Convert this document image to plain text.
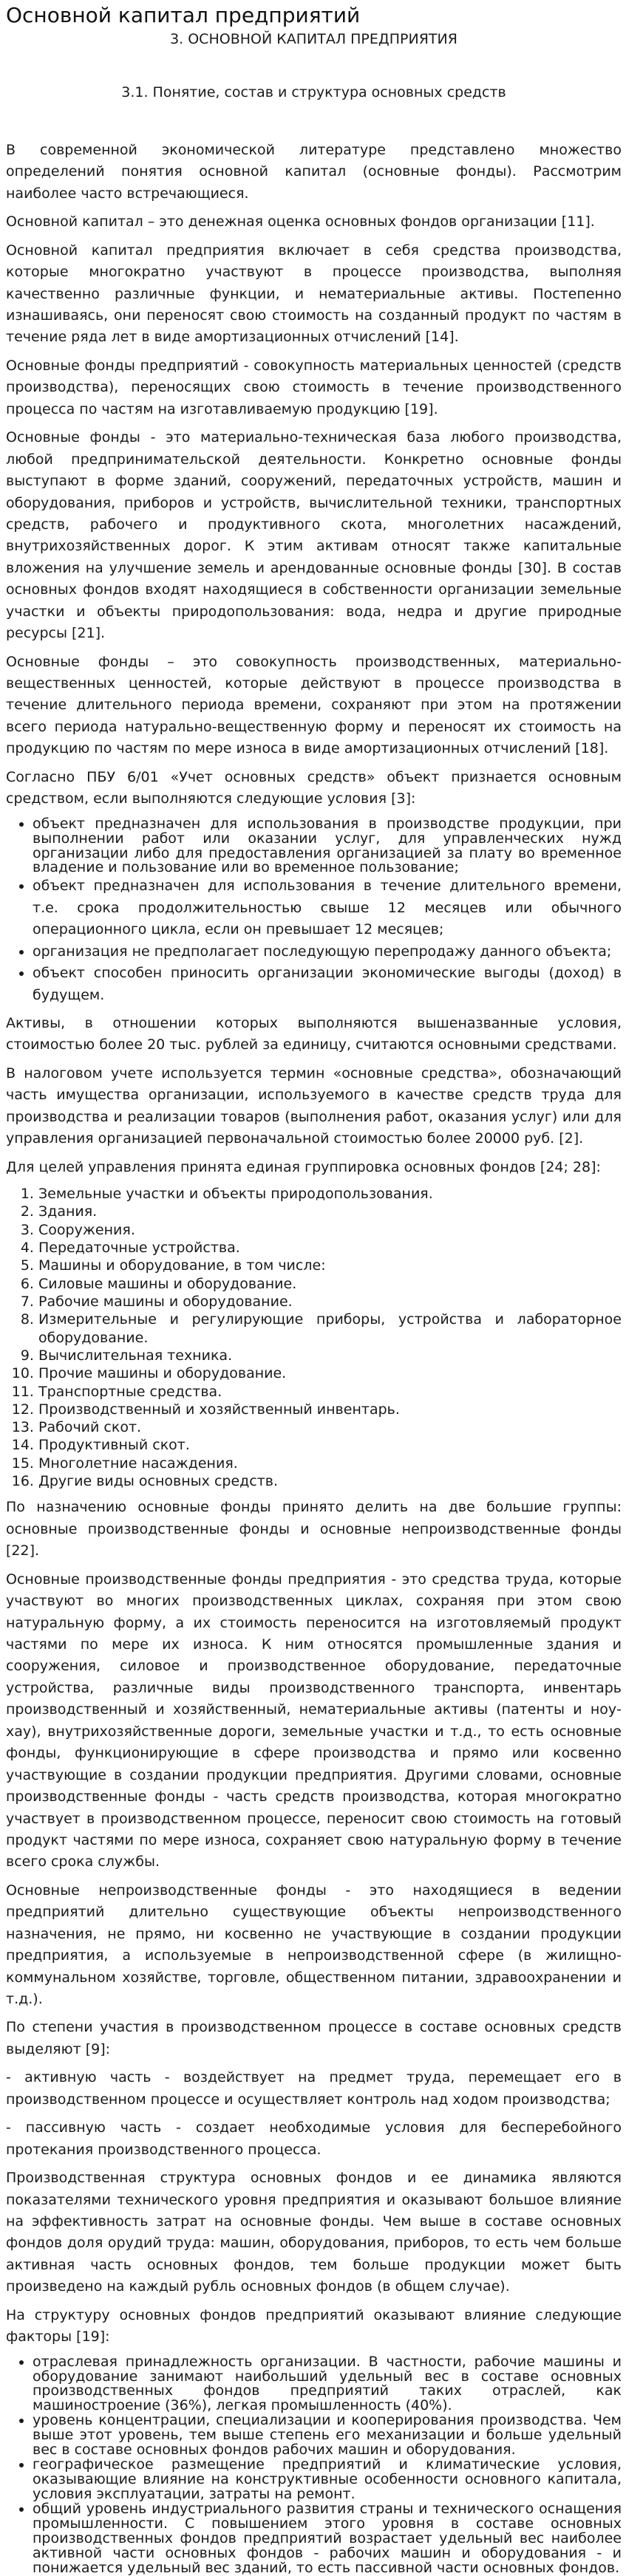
Основной капитал предприятий
3. ОСНОВНОЙ КАПИТАЛ ПРЕДПРИЯТИЯ
3.1. Понятие, состав и структура основных средств

В современной экономической литературе представлено множество определений понятия основной капитал (основные фонды). Рассмотрим наиболее часто встречающиеся.

Основной капитал – это денежная оценка основных фондов организации [11].

Основной капитал предприятия включает в себя средства производства, которые многократно участвуют в процессе производства, выполняя качественно различные функции, и нематериальные активы. Постепенно изнашиваясь, они переносят свою стоимость на созданный продукт по частям в течение ряда лет в виде амортизационных отчислений [14].

Основные фонды предприятий - совокупность материальных ценностей (средств производства), переносящих свою стоимость в течение производственного процесса по частям на изготавливаемую продукцию [19].

Основные фонды - это материально-техническая база любого производства, любой предпринимательской деятельности. Конкретно основные фонды выступают в форме зданий, сооружений, передаточных устройств, машин и оборудования, приборов и устройств, вычислительной техники, транспортных средств, рабочего и продуктивного скота, многолетних насаждений, внутрихозяйственных дорог. К этим активам относят также капитальные вложения на улучшение земель и арендованные основные фонды [30]. В состав основных фондов входят находящиеся в собственности организации земельные участки и объекты природопользования: вода, недра и другие природные ресурсы [21].

Основные фонды – это совокупность производственных, материально-вещественных ценностей, которые действуют в процессе производства в течение длительного периода времени, сохраняют при этом на протяжении всего периода натурально-вещественную форму и переносят их стоимость на продукцию по частям по мере износа в виде амортизационных отчислений [18].

Согласно ПБУ 6/01 «Учет основных средств» объект признается основным средством, если выполняются следующие условия [3]:

• объект предназначен для использования в производстве продукции, при выполнении работ или оказании услуг, для управленческих нужд организации либо для предоставления организацией за плату во временное владение и пользование или во временное пользование;
• объект предназначен для использования в течение длительного времени, т.е. срока продолжительностью свыше 12 месяцев или обычного операционного цикла, если он превышает 12 месяцев;
• организация не предполагает последующую перепродажу данного объекта;
• объект способен приносить организации экономические выгоды (доход) в будущем.

Активы, в отношении которых выполняются вышеназванные условия, стоимостью более 20 тыс. рублей за единицу, считаются основными средствами.

В налоговом учете используется термин «основные средства», обозначающий часть имущества организации, используемого в качестве средств труда для производства и реализации товаров (выполнения работ, оказания услуг) или для управления организацией первоначальной стоимостью более 20000 руб. [2].

Для целей управления принята единая группировка основных фондов [24; 28]:

1. Земельные участки и объекты природопользования.
2. Здания.
3. Сооружения.
4. Передаточные устройства.
5. Машины и оборудование, в том числе:
6. Силовые машины и оборудование.
7. Рабочие машины и оборудование.
8. Измерительные и регулирующие приборы, устройства и лабораторное оборудование.
9. Вычислительная техника.
10. Прочие машины и оборудование.
11. Транспортные средства.
12. Производственный и хозяйственный инвентарь.
13. Рабочий скот.
14. Продуктивный скот.
15. Многолетние насаждения.
16. Другие виды основных средств.

По назначению основные фонды принято делить на две большие группы: основные производственные фонды и основные непроизводственные фонды [22].

Основные производственные фонды предприятия - это средства труда, которые участвуют во многих производственных циклах, сохраняя при этом свою натуральную форму, а их стоимость переносится на изготовляемый продукт частями по мере их износа. К ним относятся промышленные здания и сооружения, силовое и производственное оборудование, передаточные устройства, различные виды производственного транспорта, инвентарь производственный и хозяйственный, нематериальные активы (патенты и ноу-хау), внутрихозяйственные дороги, земельные участки и т.д., то есть основные фонды, функционирующие в сфере производства и прямо или косвенно участвующие в создании продукции предприятия. Другими словами, основные производственные фонды - часть средств производства, которая многократно участвует в производственном процессе, переносит свою стоимость на готовый продукт частями по мере износа, сохраняет свою натуральную форму в течение всего срока службы.

Основные непроизводственные фонды - это находящиеся в ведении предприятий длительно существующие объекты непроизводственного назначения, не прямо, ни косвенно не участвующие в создании продукции предприятия, а используемые в непроизводственной сфере (в жилищно-коммунальном хозяйстве, торговле, общественном питании, здравоохранении и т.д.).

По степени участия в производственном процессе в составе основных средств выделяют [9]:

- активную часть - воздействует на предмет труда, перемещает его в производственном процессе и осуществляет контроль над ходом производства;

- пассивную часть - создает необходимые условия для бесперебойного протекания производственного процесса.

Производственная структура основных фондов и ее динамика являются показателями технического уровня предприятия и оказывают большое влияние на эффективность затрат на основные фонды. Чем выше в составе основных фондов доля орудий труда: машин, оборудования, приборов, то есть чем больше активная часть основных фондов, тем больше продукции может быть произведено на каждый рубль основных фондов (в общем случае).

На структуру основных фондов предприятий оказывают влияние следующие факторы [19]:

• отраслевая принадлежность организации. В частности, рабочие машины и оборудование занимают наибольший удельный вес в составе основных производственных фондов предприятий таких отраслей, как машиностроение (36%), легкая промышленность (40%).
• уровень концентрации, специализации и кооперирования производства. Чем выше этот уровень, тем выше степень его механизации и больше удельный вес в составе основных фондов рабочих машин и оборудования.
• географическое размещение предприятий и климатические условия, оказывающие влияние на конструктивные особенности основного капитала, условия эксплуатации, затраты на ремонт.
• общий уровень индустриального развития страны и технического оснащения промышленности. С повышением этого уровня в составе основных производственных фондов предприятий возрастает удельный вес наиболее активной части основных фондов - рабочих машин и оборудования - и понижается удельный вес зданий, то есть пассивной части основных фондов.
